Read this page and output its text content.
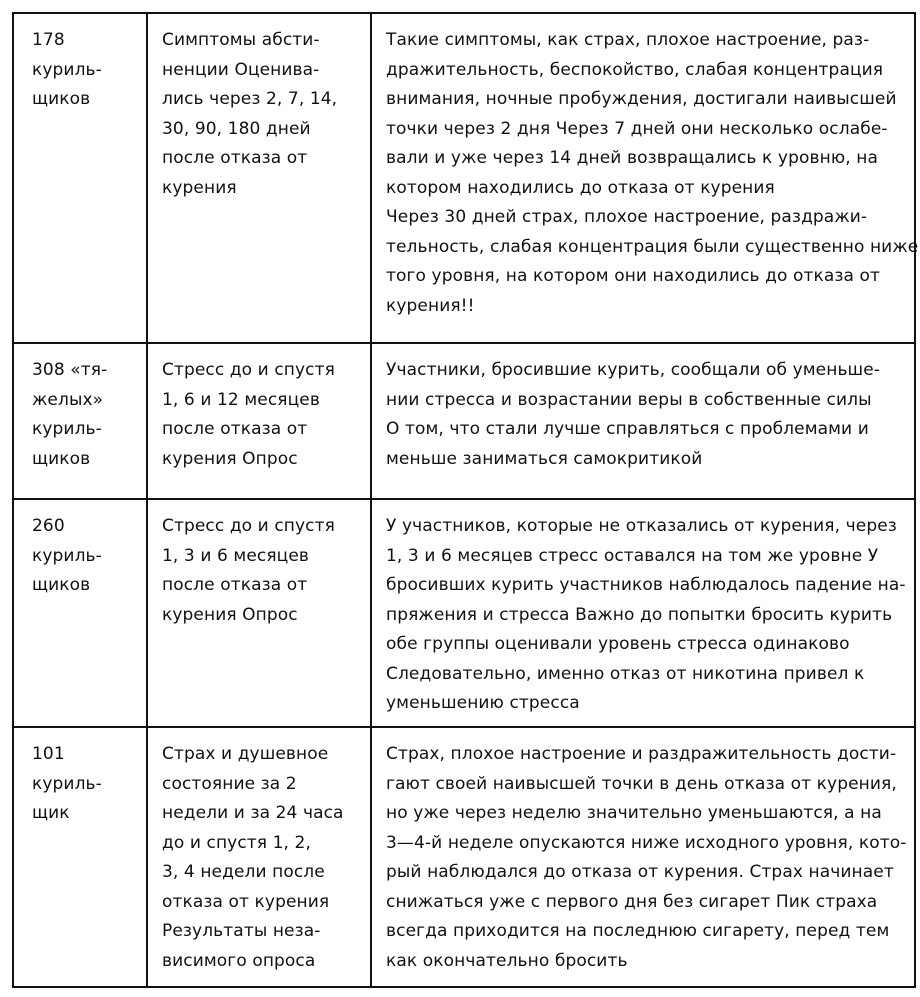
178
куриль-
щиков
Симптомы абсти-
ненции Оценива-
лись через 2, 7, 14,
30, 90, 180 дней
после отказа от
курения
Такие симптомы, как страх, плохое настроение, раз-
дражительность, беспокойство, слабая концентрация
внимания, ночные пробуждения, достигали наивысшей
точки через 2 дня Через 7 дней они несколько ослабе-
вали и уже через 14 дней возвращались к уровню, на
котором находились до отказа от курения
Через 30 дней страх, плохое настроение, раздражи-
тельность, слабая концентрация были существенно ниже
того уровня, на котором они находились до отказа от
курения!!
308 «тя-
желых»
куриль-
щиков
Стресс до и спустя
1, 6 и 12 месяцев
после отказа от
курения Опрос
Участники, бросившие курить, сообщали об уменьше-
нии стресса и возрастании веры в собственные силы
О том, что стали лучше справляться с проблемами и
меньше заниматься самокритикой
260
куриль-
щиков
Стресс до и спустя
1, 3 и 6 месяцев
после отказа от
курения Опрос
У участников, которые не отказались от курения, через
1, 3 и 6 месяцев стресс оставался на том же уровне У
бросивших курить участников наблюдалось падение на-
пряжения и стресса Важно до попытки бросить курить
обе группы оценивали уровень стресса одинаково
Следовательно, именно отказ от никотина привел к
уменьшению стресса
101
куриль-
щик
Страх и душевное
состояние за 2
недели и за 24 часа
до и спустя 1, 2,
3, 4 недели после
отказа от курения
Результаты неза-
висимого опроса
Страх, плохое настроение и раздражительность дости-
гают своей наивысшей точки в день отказа от курения,
но уже через неделю значительно уменьшаются, а на
3—4-й неделе опускаются ниже исходного уровня, кото-
рый наблюдался до отказа от курения. Страх начинает
снижаться уже с первого дня без сигарет Пик страха
всегда приходится на последнюю сигарету, перед тем
как окончательно бросить
